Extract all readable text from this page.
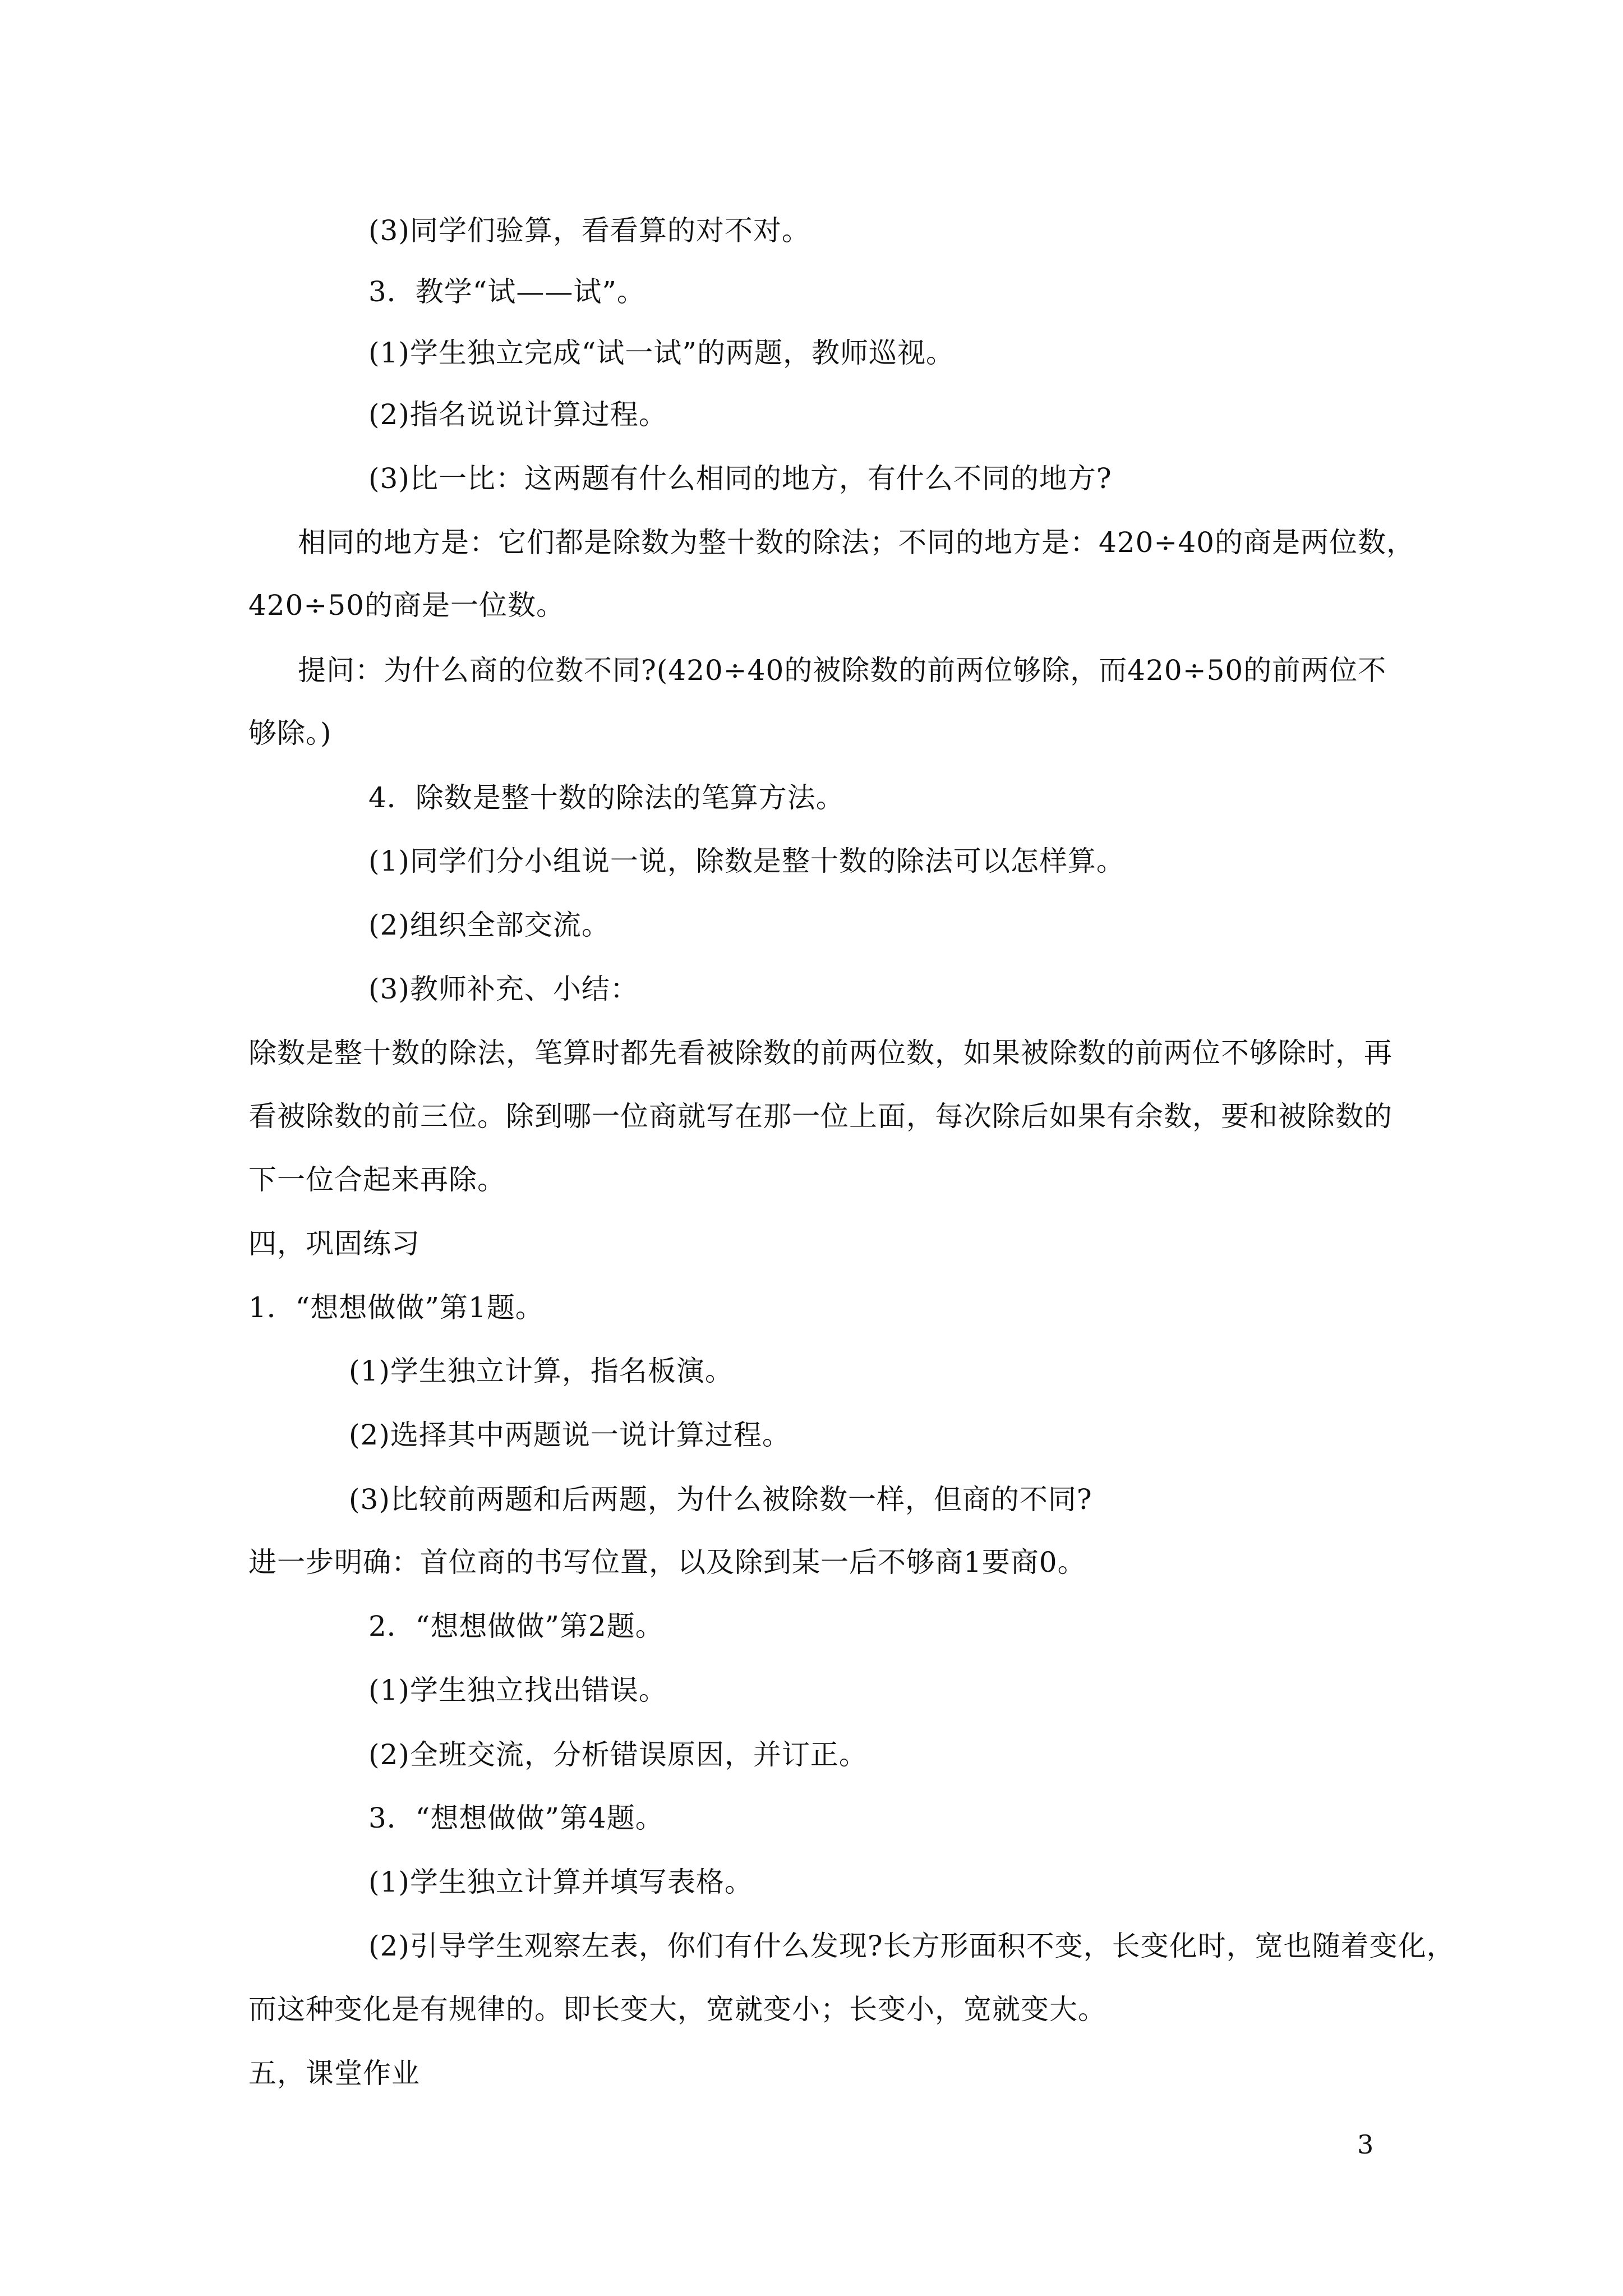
(3)同学们验算，看看算的对不对。
3．教学“试——试”。
(1)学生独立完成“试一试”的两题，教师巡视。
(2)指名说说计算过程。
(3)比一比：这两题有什么相同的地方，有什么不同的地方?
相同的地方是：它们都是除数为整十数的除法；不同的地方是：420÷40的商是两位数，
420÷50的商是一位数。
提问：为什么商的位数不同?(420÷40的被除数的前两位够除，而420÷50的前两位不
够除。)
4．除数是整十数的除法的笔算方法。
(1)同学们分小组说一说，除数是整十数的除法可以怎样算。
(2)组织全部交流。
(3)教师补充、小结：
除数是整十数的除法，笔算时都先看被除数的前两位数，如果被除数的前两位不够除时，再
看被除数的前三位。除到哪一位商就写在那一位上面，每次除后如果有余数，要和被除数的
下一位合起来再除。
四，巩固练习
1．“想想做做”第1题。
(1)学生独立计算，指名板演。
(2)选择其中两题说一说计算过程。
(3)比较前两题和后两题，为什么被除数一样，但商的不同?
进一步明确：首位商的书写位置，以及除到某一后不够商1要商0。
2．“想想做做”第2题。
(1)学生独立找出错误。
(2)全班交流，分析错误原因，并订正。
3．“想想做做”第4题。
(1)学生独立计算并填写表格。
(2)引导学生观察左表，你们有什么发现?长方形面积不变，长变化时，宽也随着变化，
而这种变化是有规律的。即长变大，宽就变小；长变小，宽就变大。
五，课堂作业
3
